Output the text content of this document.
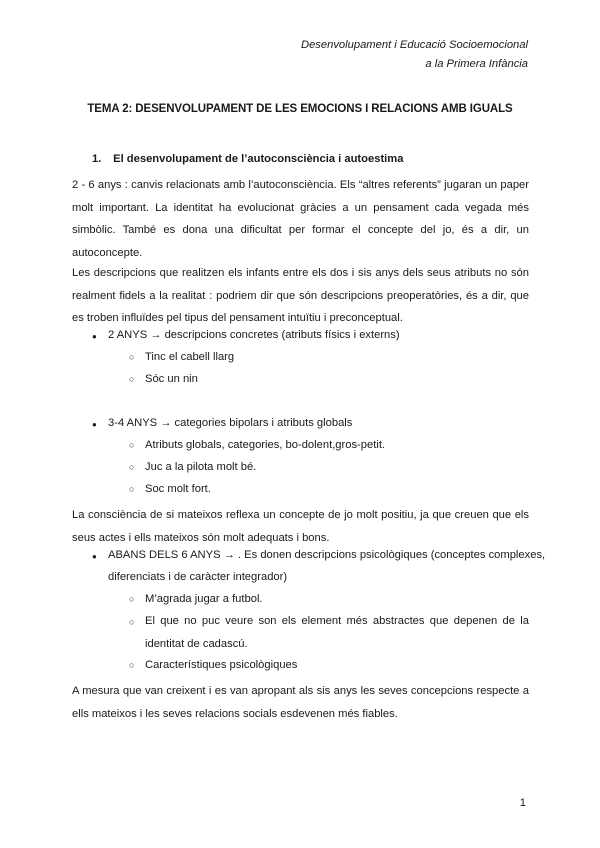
Desenvolupament i Educació Socioemocional
a la Primera Infància
TEMA 2: DESENVOLUPAMENT DE LES EMOCIONS I RELACIONS AMB IGUALS
1. El desenvolupament de l’autoconsciència i autoestima
2 - 6 anys : canvis relacionats amb l’autoconsciència. Els “altres referents” jugaran un paper molt important. La identitat ha evolucionat gràcies a un pensament cada vegada més simbòlic. També es dona una dificultat per formar el concepte del jo, és a dir, un autoconcepte.
Les descripcions que realitzen els infants entre els dos i sis anys dels seus atributs no són realment fidels a la realitat : podriem dir que són descripcions preoperatòries, és a dir, que es troben influïdes pel tipus del pensament intuïtiu i preconceptual.
● 2 ANYS → descripcions concretes (atributs físics i externs)
○ Tinc el cabell llarg
○ Sóc un nin
● 3-4 ANYS → categories bipolars i atributs globals
○ Atributs globals, categories, bo-dolent,gros-petit.
○ Juc a la pilota molt bé.
○ Soc molt fort.
La consciència de si mateixos reflexa un concepte de jo molt positiu, ja que creuen que els seus actes i ells mateixos són molt adequats i bons.
● ABANS DELS 6 ANYS → . Es donen descripcions psicològiques (conceptes complexes,
diferenciats i de caràcter integrador)
○ M’agrada jugar a futbol.
○ El que no puc veure son els element més abstractes que depenen de la identitat de cadascú.
○ Característiques psicològiques
A mesura que van creixent i es van apropant als sis anys les seves concepcions respecte a ells mateixos i les seves relacions socials esdevenen més fiables.
1
